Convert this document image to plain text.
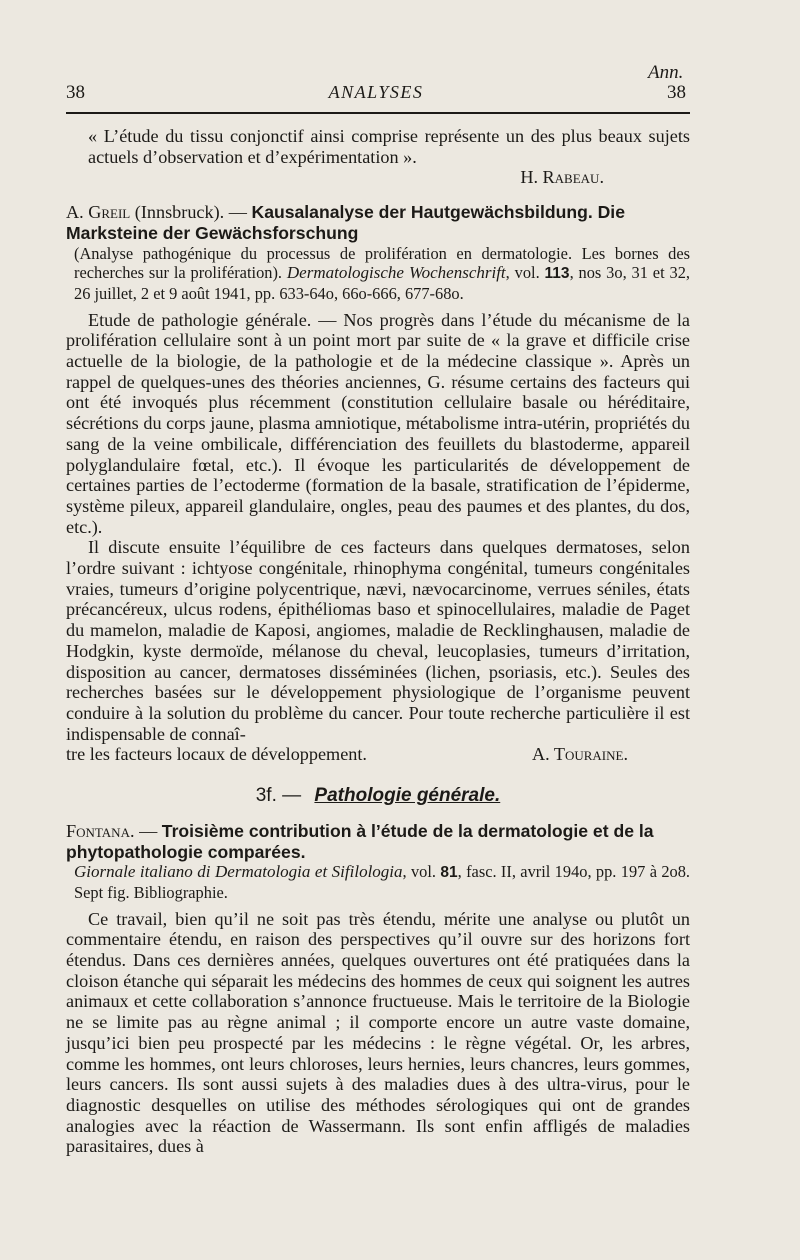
Ann.
38	ANALYSES	38

« L’étude du tissu conjonctif ainsi comprise représente un des plus beaux sujets actuels d’observation et d’expérimentation ».

H. Rabeau.
A. Greil (Innsbruck). — Kausalanalyse der Hautgewächsbildung. Die Marksteine der Gewächsforschung
(Analyse pathogénique du processus de prolifération en dermatologie. Les bornes des recherches sur la prolifération). Dermatologische Wochenschrift, vol. 113, nos 3o, 31 et 32, 26 juillet, 2 et 9 août 1941, pp. 633-64o, 66o-666, 677-68o.

Etude de pathologie générale. — Nos progrès dans l’étude du mécanisme de la prolifération cellulaire sont à un point mort par suite de « la grave et difficile crise actuelle de la biologie, de la pathologie et de la médecine classique ». Après un rappel de quelques-unes des théories anciennes, G. résume certains des facteurs qui ont été invoqués plus récemment (constitution cellulaire basale ou héréditaire, sécrétions du corps jaune, plasma amniotique, métabolisme intra-utérin, propriétés du sang de la veine ombilicale, différenciation des feuillets du blastoderme, appareil polyglandulaire fœtal, etc.). Il évoque les particularités de développement de certaines parties de l’ectoderme (formation de la basale, stratification de l’épiderme, système pileux, appareil glandulaire, ongles, peau des paumes et des plantes, du dos, etc.).

Il discute ensuite l’équilibre de ces facteurs dans quelques dermatoses, selon l’ordre suivant : ichtyose congénitale, rhinophyma congénital, tumeurs congénitales vraies, tumeurs d’origine polycentrique, nævi, nævocarcinome, verrues séniles, états précancéreux, ulcus rodens, épithéliomas baso et spinocellulaires, maladie de Paget du mamelon, maladie de Kaposi, angiomes, maladie de Recklinghausen, maladie de Hodgkin, kyste dermoïde, mélanose du cheval, leucoplasies, tumeurs d’irritation, disposition au cancer, dermatoses disséminées (lichen, psoriasis, etc.). Seules des recherches basées sur le développement physiologique de l’organisme peuvent conduire à la solution du problème du cancer. Pour toute recherche particulière il est indispensable de connaî-

tre les facteurs locaux de développement.	A. Touraine.
3f. — Pathologie générale.
Fontana. — Troisième contribution à l’étude de la dermatologie et de la phytopathologie comparées.
Giornale italiano di Dermatologia et Sifilologia, vol. 81, fasc. II, avril 194o, pp. 197 à 2o8. Sept fig. Bibliographie.

Ce travail, bien qu’il ne soit pas très étendu, mérite une analyse ou plutôt un commentaire étendu, en raison des perspectives qu’il ouvre sur des horizons fort étendus. Dans ces dernières années, quelques ouvertures ont été pratiquées dans la cloison étanche qui séparait les médecins des hommes de ceux qui soignent les autres animaux et cette collaboration s’annonce fructueuse. Mais le territoire de la Biologie ne se limite pas au règne animal ; il comporte encore un autre vaste domaine, jusqu’ici bien peu prospecté par les médecins : le règne végétal. Or, les arbres, comme les hommes, ont leurs chloroses, leurs hernies, leurs chancres, leurs gommes, leurs cancers. Ils sont aussi sujets à des maladies dues à des ultra-virus, pour le diagnostic desquelles on utilise des méthodes sérologiques qui ont de grandes analogies avec la réaction de Wassermann. Ils sont enfin affligés de maladies parasitaires, dues à
